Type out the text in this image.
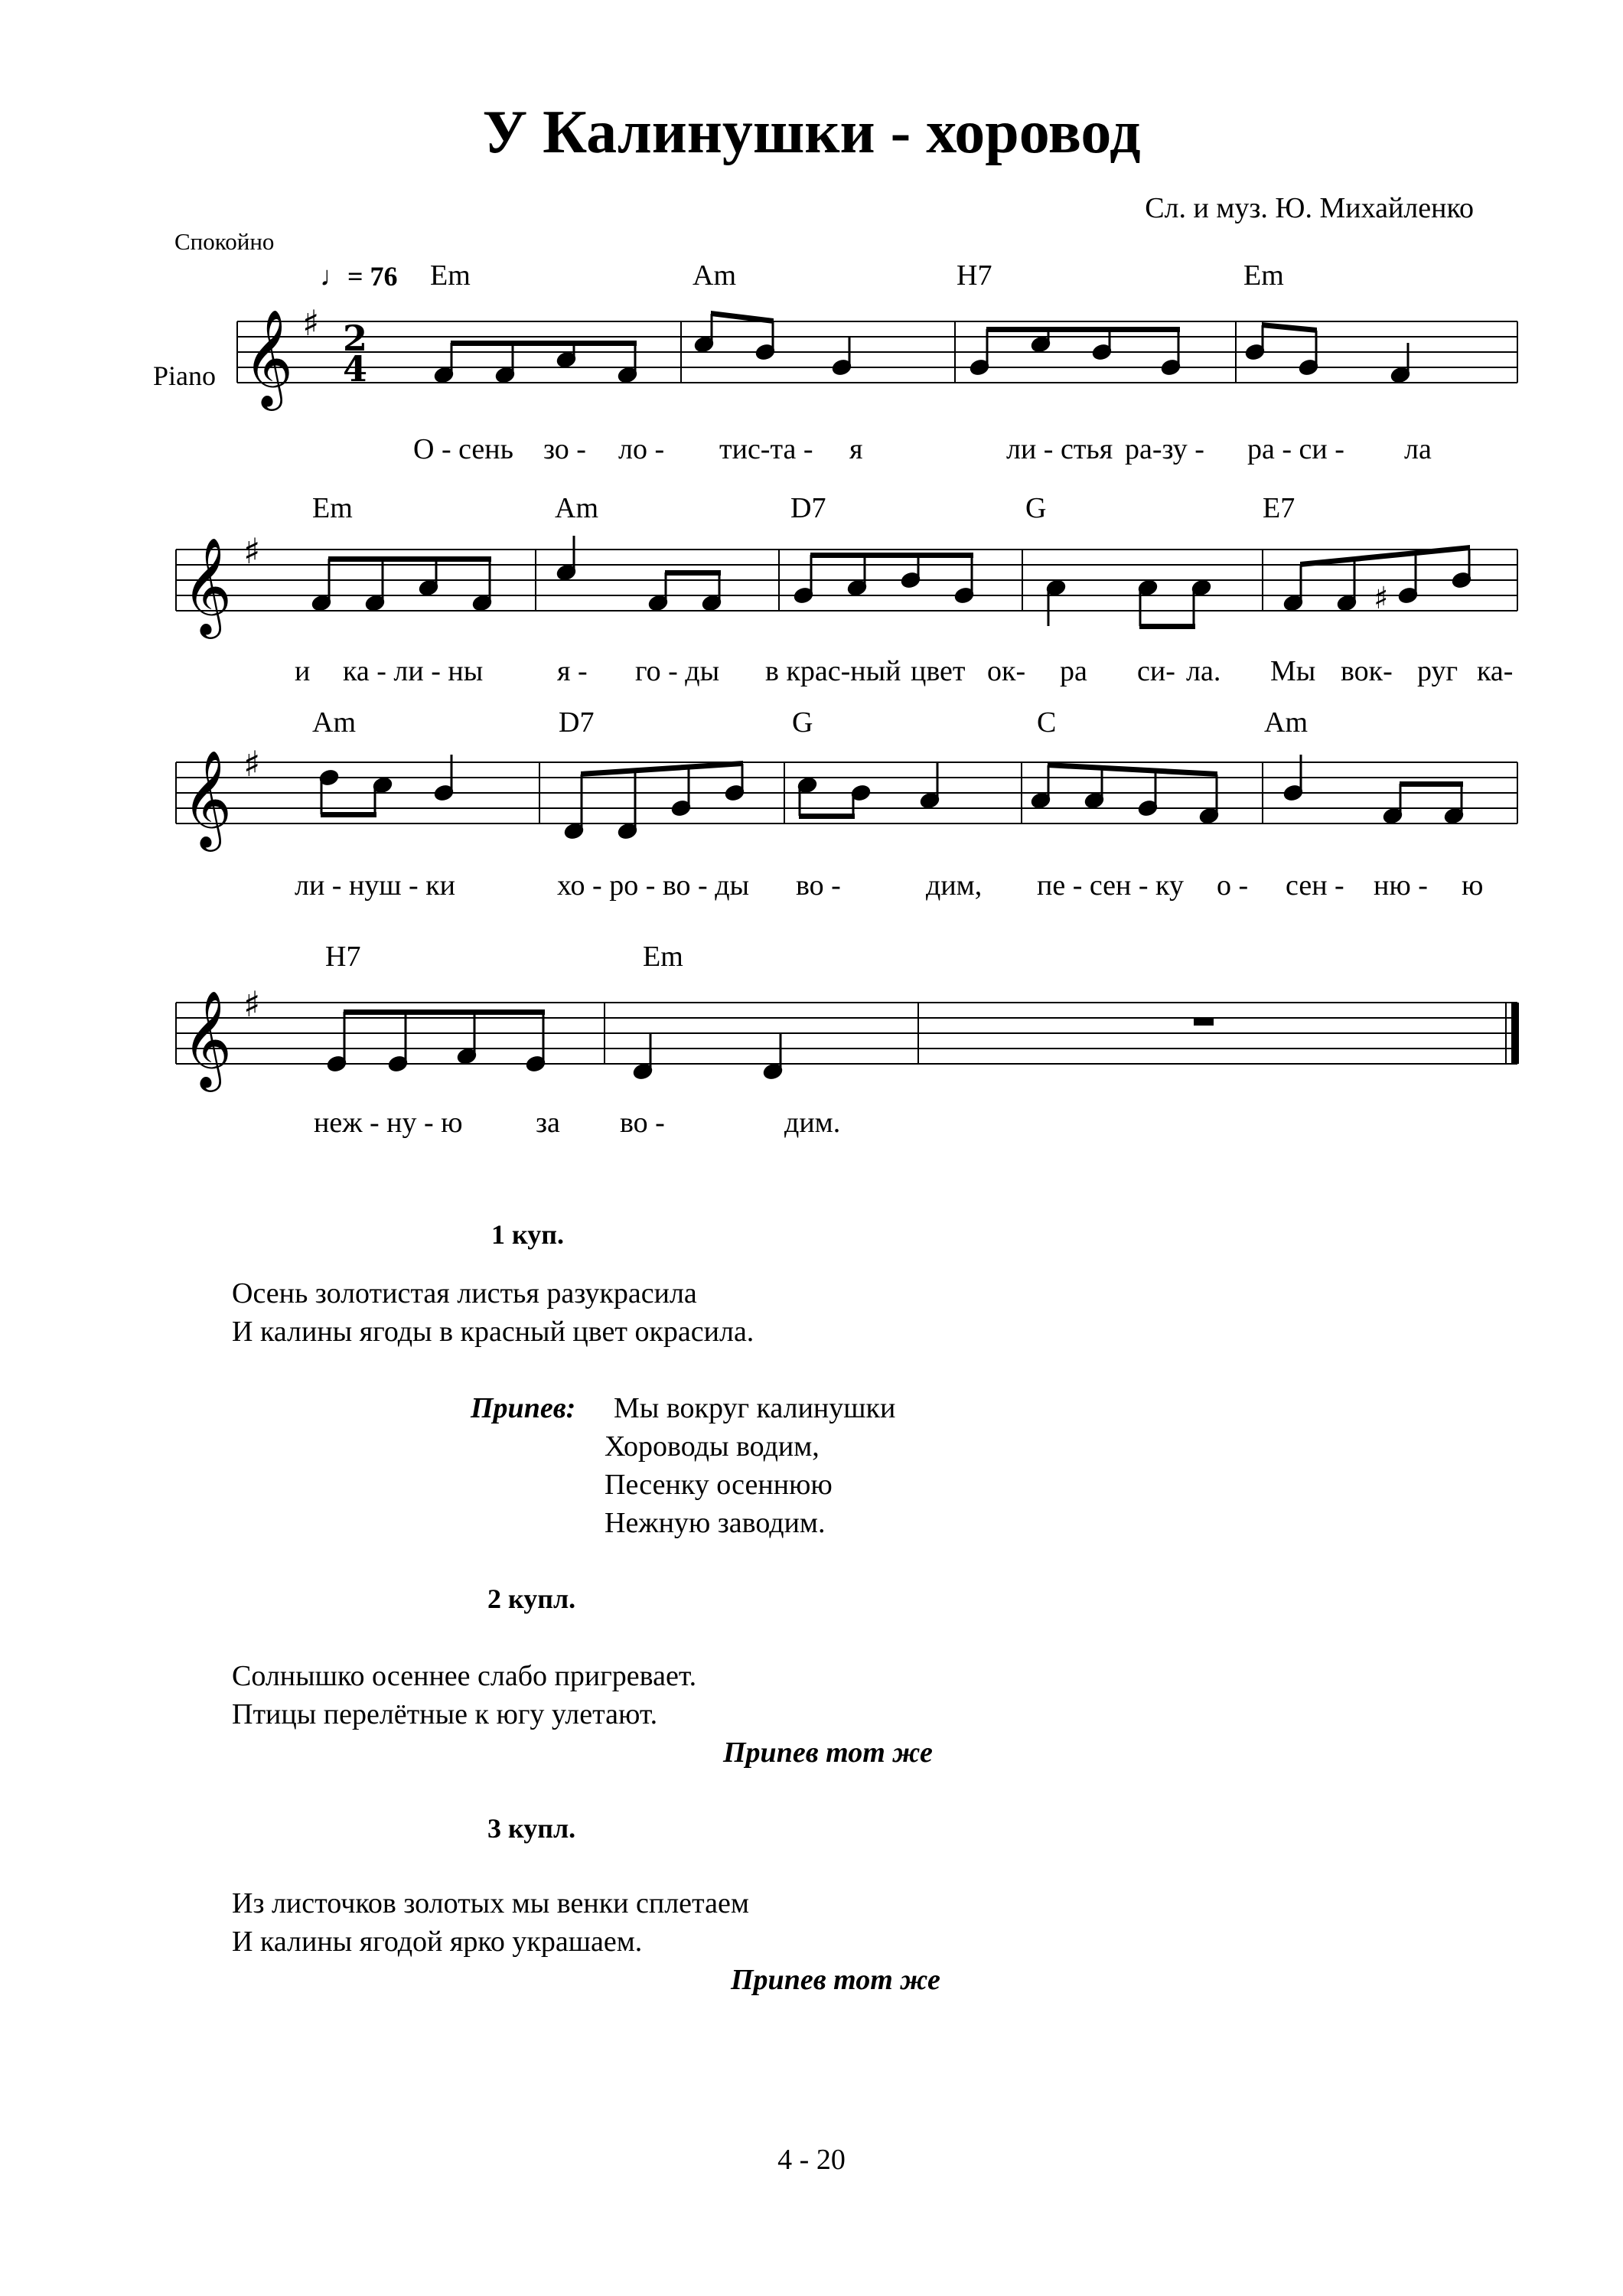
У Калинушки - хоровод
Сл. и муз. Ю. Михайленко
Спокойно
♩= 76
Piano
Em	Am	H7	Em
Em	Am	D7	G	E7
Am	D7	G	C	Am
H7	Em
𝄞
𝄞
𝄞
𝄞
♯
♯
♯
♯
2
4
♯
О - сень зо - ло - тис-та - я	ли - стья ра-зу - ра - си - ла
и ка - ли - ны	я - го - ды в крас-ный цвет ок- ра си- ла. Мы вок- руг ка-
ли - нуш - ки	хо - ро - во - ды во -	дим, пе - сен - ку о - сен - ню - ю
неж - ну - ю	за во -	дим.
1 куп.
Осень золотистая листья разукрасила
И калины ягоды в красный цвет окрасила.
Припев: Мы вокруг калинушки
Хороводы водим,
Песенку осеннюю
Нежную заводим.
2 купл.
Солнышко осеннее слабо пригревает.
Птицы перелётные к югу улетают.
Припев тот же
3 купл.
Из листочков золотых мы венки сплетаем
И калины ягодой ярко украшаем.
Припев тот же
4 - 20
